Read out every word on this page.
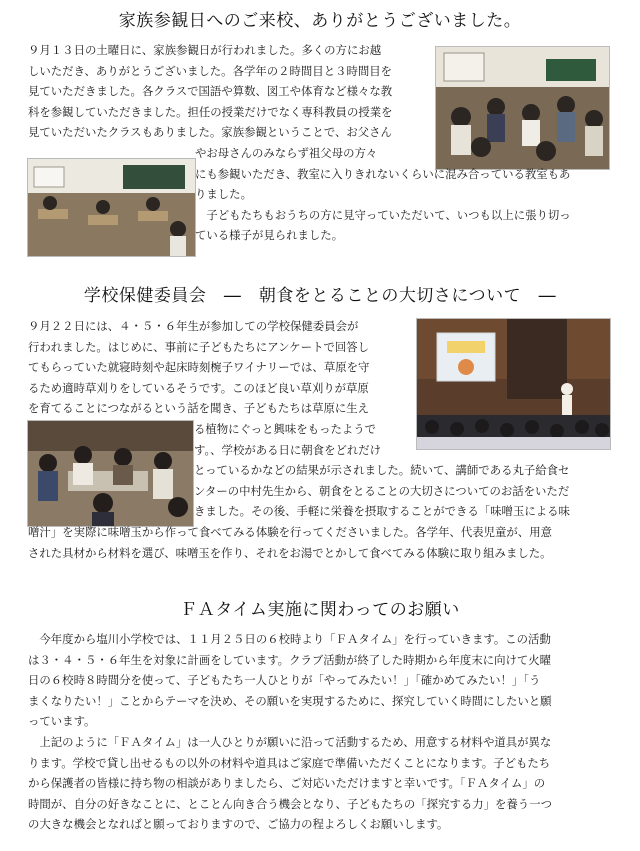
家族参観日へのご来校、ありがとうございました。
９月１３日の土曜日に、家族参観日が行われました。多くの方にお越
しいただき、ありがとうございました。各学年の２時間目と３時間目を
見ていただきました。各クラスで国語や算数、図工や体育など様々な教
科を参観していただきました。担任の授業だけでなく専科教員の授業を
見ていただいたクラスもありました。家族参観ということで、お父さん
やお母さんのみならず祖父母の方々
にも参観いただき、教室に入りきれないくらいに混み合っている教室もあ
りました。
　子どもたちもおうちの方に見守っていただいて、いつも以上に張り切っ
ている様子が見られました。
学校保健委員会　―　朝食をとることの大切さについて　―
９月２２日には、４・５・６年生が参加しての学校保健委員会が
行われました。はじめに、事前に子どもたちにアンケートで回答し
てもらっていた就寝時刻や起床時刻椀子ワイナリーでは、草原を守
るため適時草刈りをしているそうです。このほど良い草刈りが草原
を育てることにつながるという話を聞き、子どもたちは草原に生え
る植物にぐっと興味をもったようで
す。、学校がある日に朝食をどれだけ
とっているかなどの結果が示されました。続いて、講師である丸子給食セ
ンターの中村先生から、朝食をとることの大切さについてのお話をいただ
きました。その後、手軽に栄養を摂取することができる「味噌玉による味
噌汁」を実際に味噌玉から作って食べてみる体験を行ってくださいました。各学年、代表児童が、用意
された具材から材料を選び、味噌玉を作り、それをお湯でとかして食べてみる体験に取り組みました。
ＦＡタイム実施に関わってのお願い
　今年度から塩川小学校では、１１月２５日の６校時より「ＦＡタイム」を行っていきます。この活動
は３・４・５・６年生を対象に計画をしています。クラブ活動が終了した時期から年度末に向けて火曜
日の６校時８時間分を使って、子どもたち一人ひとりが「やってみたい！」「確かめてみたい！」「う
まくなりたい！」ことからテーマを決め、その願いを実現するために、探究していく時間にしたいと願
っています。
　上記のように「ＦＡタイム」は一人ひとりが願いに沿って活動するため、用意する材料や道具が異な
ります。学校で貸し出せるもの以外の材料や道具はご家庭で準備いただくことになります。子どもたち
から保護者の皆様に持ち物の相談がありましたら、ご対応いただけますと幸いです。「ＦＡタイム」の
時間が、自分の好きなことに、とことん向き合う機会となり、子どもたちの「探究する力」を養う一つ
の大きな機会となればと願っておりますので、ご協力の程よろしくお願いします。
